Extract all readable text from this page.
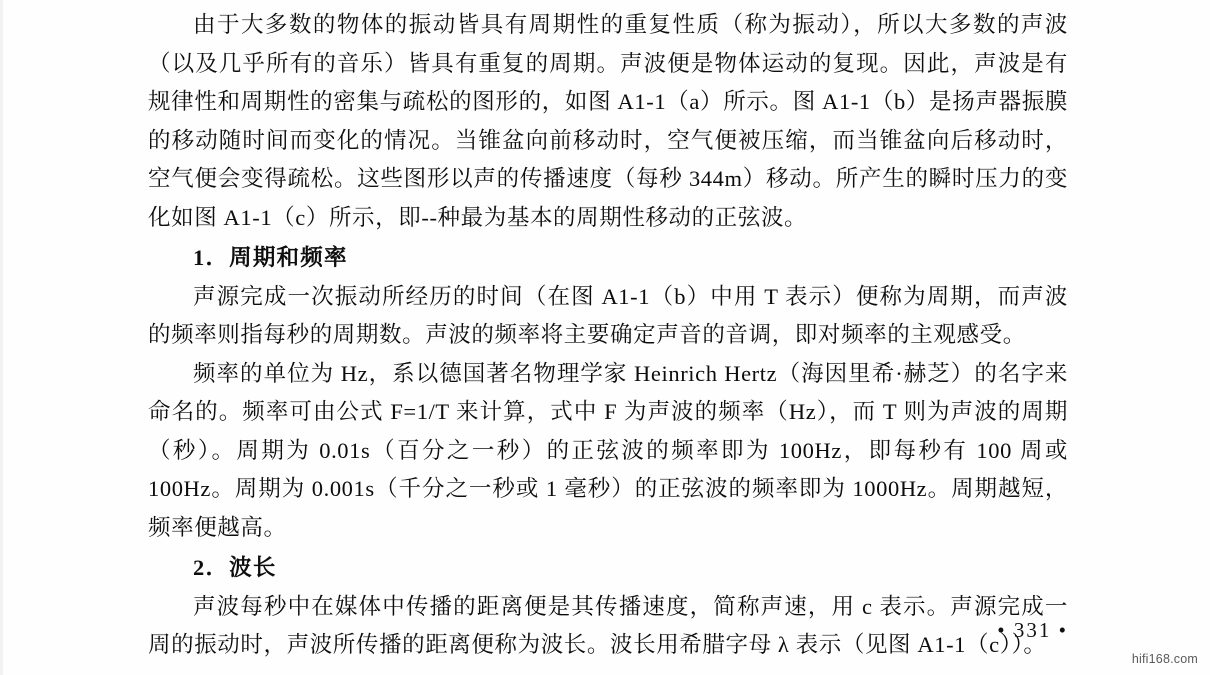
由于大多数的物体的振动皆具有周期性的重复性质（称为振动），所以大多数的声波（以及几乎所有的音乐）皆具有重复的周期。声波便是物体运动的复现。因此，声波是有规律性和周期性的密集与疏松的图形的，如图 A1-1（a）所示。图 A1-1（b）是扬声器振膜的移动随时间而变化的情况。当锥盆向前移动时，空气便被压缩，而当锥盆向后移动时，空气便会变得疏松。这些图形以声的传播速度（每秒 344m）移动。所产生的瞬时压力的变化如图 A1-1（c）所示，即--种最为基本的周期性移动的正弦波。

1．周期和频率

声源完成一次振动所经历的时间（在图 A1-1（b）中用 T 表示）便称为周期，而声波的频率则指每秒的周期数。声波的频率将主要确定声音的音调，即对频率的主观感受。

频率的单位为 Hz，系以德国著名物理学家 Heinrich Hertz（海因里希·赫芝）的名字来命名的。频率可由公式 F=1/T 来计算，式中 F 为声波的频率（Hz），而 T 则为声波的周期（秒）。周期为 0.01s（百分之一秒）的正弦波的频率即为 100Hz，即每秒有 100 周或 100Hz。周期为 0.001s（千分之一秒或 1 毫秒）的正弦波的频率即为 1000Hz。周期越短，频率便越高。

2．波长

声波每秒中在媒体中传播的距离便是其传播速度，简称声速，用 c 表示。声源完成一周的振动时，声波所传播的距离便称为波长。波长用希腊字母 λ 表示（见图 A1-1（c））。

• 331 •
hifi168.com
